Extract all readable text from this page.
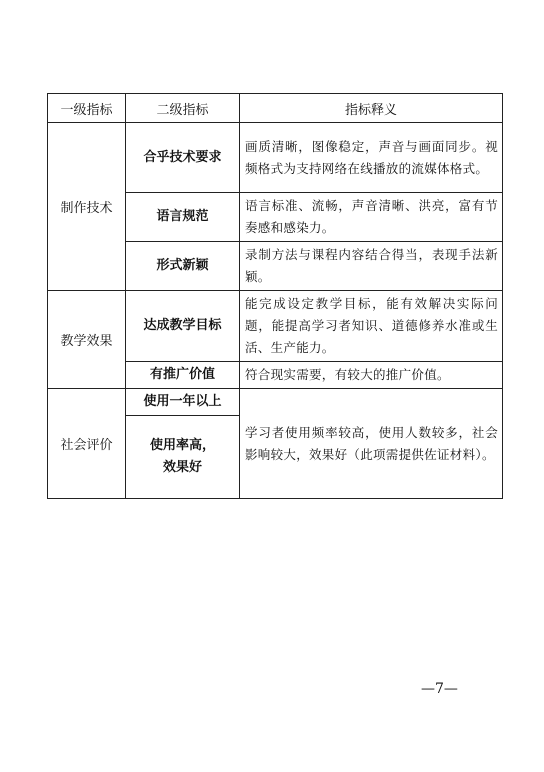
一级指标	二级指标	指标释义
制作技术	合乎技术要求	画质清晰，图像稳定，声音与画面同步。视频格式为支持网络在线播放的流媒体格式。
	语言规范	语言标准、流畅，声音清晰、洪亮，富有节奏感和感染力。
	形式新颖	录制方法与课程内容结合得当，表现手法新颖。
教学效果	达成教学目标	能完成设定教学目标，能有效解决实际问题，能提高学习者知识、道德修养水准或生活、生产能力。
	有推广价值	符合现实需要，有较大的推广价值。
社会评价	使用一年以上	学习者使用频率较高，使用人数较多，社会影响较大，效果好（此项需提供佐证材料）。

	使用率高，效果好	
—7—
